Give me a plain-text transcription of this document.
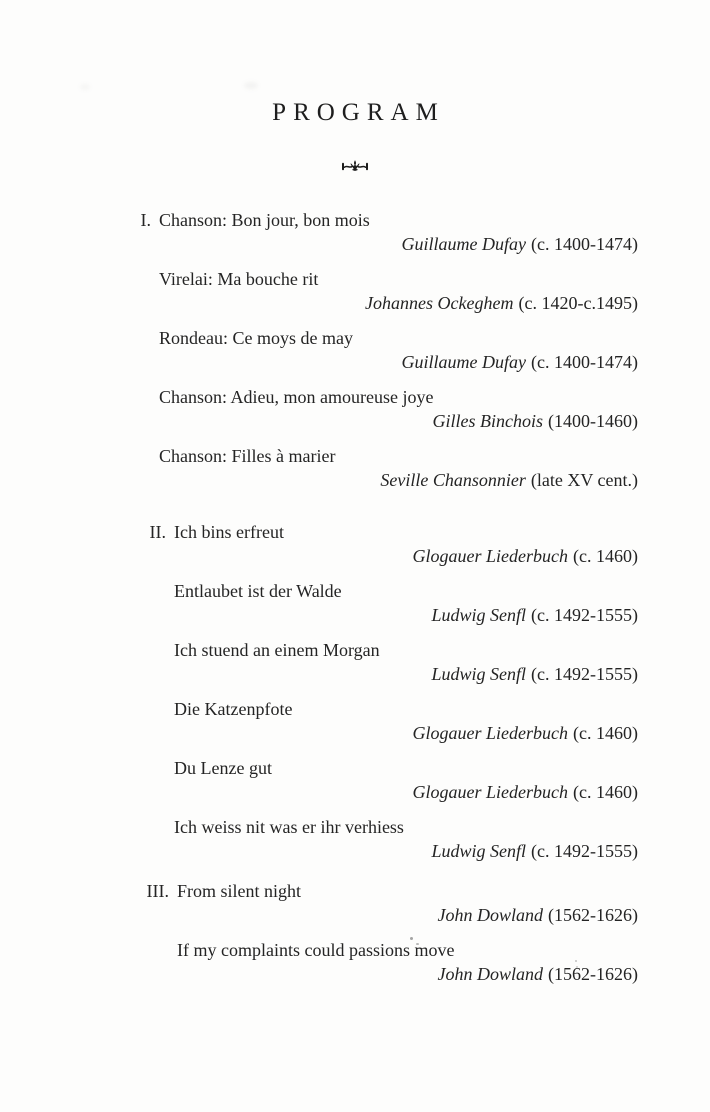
PROGRAM
I. Chanson: Bon jour, bon mois
Guillaume Dufay (c. 1400-1474)
Virelai: Ma bouche rit
Johannes Ockeghem (c. 1420-c.1495)
Rondeau: Ce moys de may
Guillaume Dufay (c. 1400-1474)
Chanson: Adieu, mon amoureuse joye
Gilles Binchois (1400-1460)
Chanson: Filles à marier
Seville Chansonnier (late XV cent.)
II. Ich bins erfreut
Glogauer Liederbuch (c. 1460)
Entlaubet ist der Walde
Ludwig Senfl (c. 1492-1555)
Ich stuend an einem Morgan
Ludwig Senfl (c. 1492-1555)
Die Katzenpfote
Glogauer Liederbuch (c. 1460)
Du Lenze gut
Glogauer Liederbuch (c. 1460)
Ich weiss nit was er ihr verhiess
Ludwig Senfl (c. 1492-1555)
III. From silent night
John Dowland (1562-1626)
If my complaints could passions move
John Dowland (1562-1626)
